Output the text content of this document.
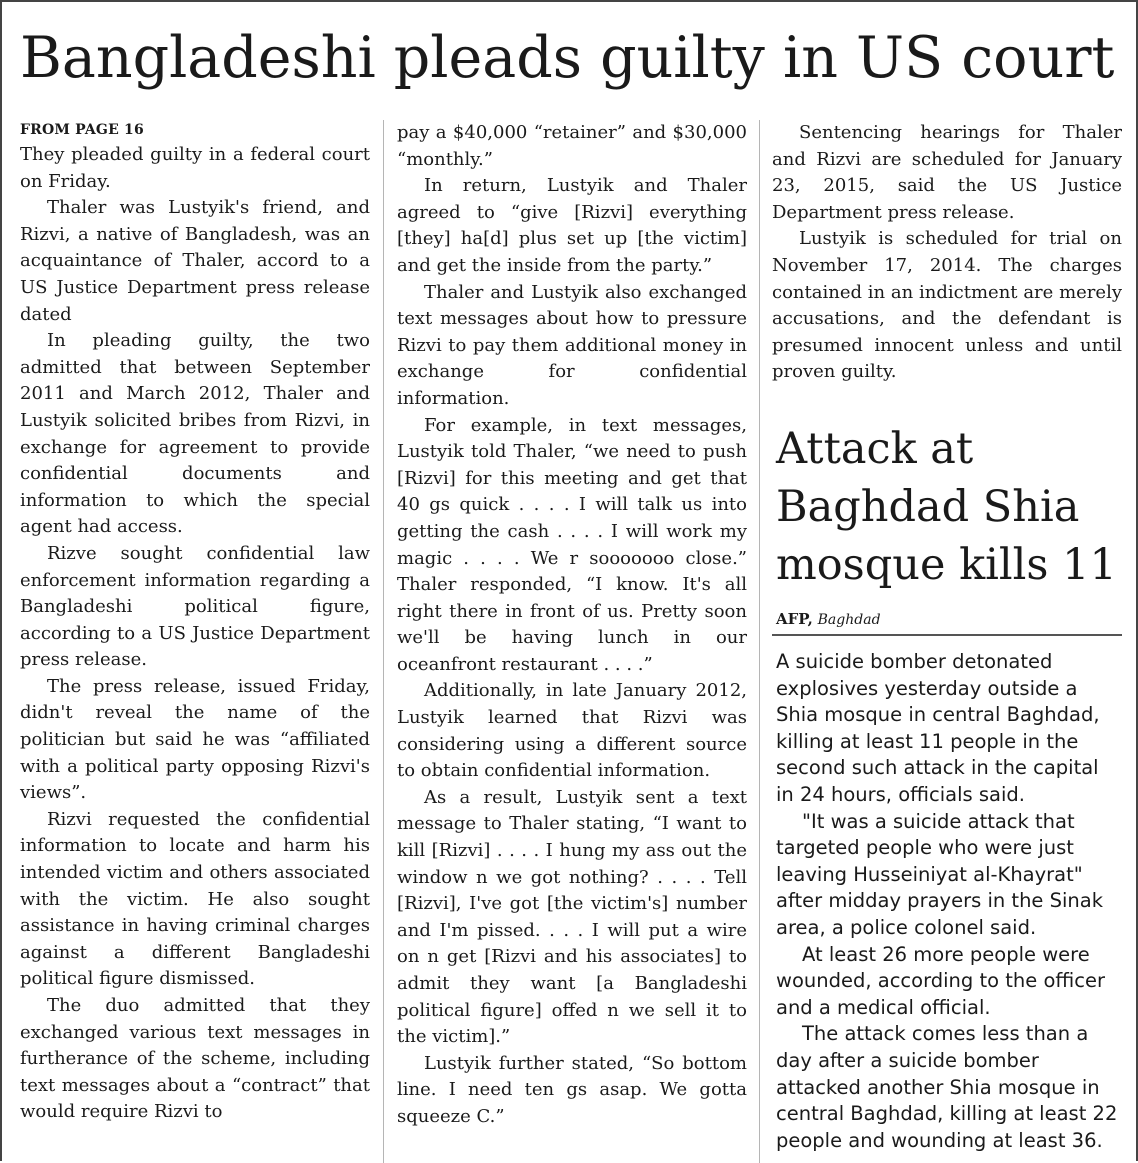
Bangladeshi pleads guilty in US court
FROM PAGE 16

They pleaded guilty in a federal court on Friday.

Thaler was Lustyik's friend, and Rizvi, a native of Bangladesh, was an acquaintance of Thaler, accord to a US Justice Department press release dated

In pleading guilty, the two admitted that between September 2011 and March 2012, Thaler and Lustyik solicited bribes from Rizvi, in exchange for agreement to provide confidential documents and information to which the special agent had access.

Rizve sought confidential law enforcement information regarding a Bangladeshi political figure, according to a US Justice Department press release.

The press release, issued Friday, didn't reveal the name of the politician but said he was “affiliated with a political party opposing Rizvi's views”.

Rizvi requested the confidential information to locate and harm his intended victim and others associated with the victim. He also sought assistance in having criminal charges against a different Bangladeshi political figure dismissed.

The duo admitted that they exchanged various text messages in furtherance of the scheme, including text messages about a “contract” that would require Rizvi to

pay a $40,000 “retainer” and $30,000 “monthly.”

In return, Lustyik and Thaler agreed to “give [Rizvi] everything [they] ha[d] plus set up [the victim] and get the inside from the party.”

Thaler and Lustyik also exchanged text messages about how to pressure Rizvi to pay them additional money in exchange for confidential information.

For example, in text messages, Lustyik told Thaler, “we need to push [Rizvi] for this meeting and get that 40 gs quick . . . . I will talk us into getting the cash . . . . I will work my magic . . . . We r sooooooo close.” Thaler responded, “I know. It's all right there in front of us. Pretty soon we'll be having lunch in our oceanfront restaurant . . . .”

Additionally, in late January 2012, Lustyik learned that Rizvi was considering using a different source to obtain confidential information.

As a result, Lustyik sent a text message to Thaler stating, “I want to kill [Rizvi] . . . . I hung my ass out the window n we got nothing? . . . . Tell [Rizvi], I've got [the victim's] number and I'm pissed. . . . I will put a wire on n get [Rizvi and his associates] to admit they want [a Bangladeshi political figure] offed n we sell it to the victim].”

Lustyik further stated, “So bottom line. I need ten gs asap. We gotta squeeze C.”

Sentencing hearings for Thaler and Rizvi are scheduled for January 23, 2015, said the US Justice Department press release.

Lustyik is scheduled for trial on November 17, 2014. The charges contained in an indictment are merely accusations, and the defendant is presumed innocent unless and until proven guilty.

Attack at
Baghdad Shia
mosque kills 11
AFP, Baghdad

A suicide bomber detonated explosives yesterday outside a Shia mosque in central Baghdad, killing at least 11 people in the second such attack in the capital in 24 hours, officials said.

"It was a suicide attack that targeted people who were just leaving Husseiniyat al-Khayrat" after midday prayers in the Sinak area, a police colonel said.

At least 26 more people were wounded, according to the officer and a medical official.

The attack comes less than a day after a suicide bomber attacked another Shia mosque in central Baghdad, killing at least 22 people and wounding at least 36.
